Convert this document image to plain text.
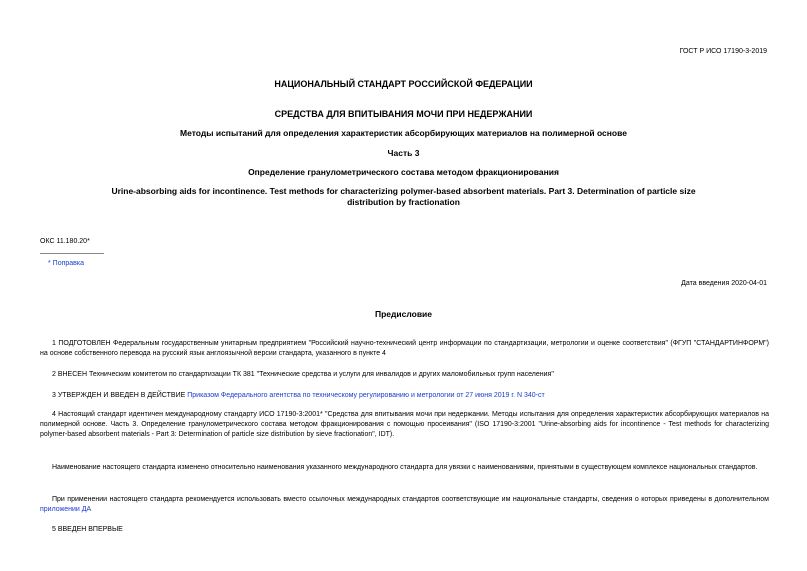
ГОСТ Р ИСО 17190-3-2019
НАЦИОНАЛЬНЫЙ СТАНДАРТ РОССИЙСКОЙ ФЕДЕРАЦИИ
СРЕДСТВА ДЛЯ ВПИТЫВАНИЯ МОЧИ ПРИ НЕДЕРЖАНИИ
Методы испытаний для определения характеристик абсорбирующих материалов на полимерной основе
Часть 3
Определение гранулометрического состава методом фракционирования
Urine-absorbing aids for incontinence. Test methods for characterizing polymer-based absorbent materials. Part 3. Determination of particle size distribution by fractionation
ОКС 11.180.20*
* Поправка
Дата введения 2020-04-01
Предисловие
1 ПОДГОТОВЛЕН Федеральным государственным унитарным предприятием "Российский научно-технический центр информации по стандартизации, метрологии и оценке соответствия" (ФГУП "СТАНДАРТИНФОРМ") на основе собственного перевода на русский язык англоязычной версии стандарта, указанного в пункте 4
2 ВНЕСЕН Техническим комитетом по стандартизации ТК 381 "Технические средства и услуги для инвалидов и других маломобильных групп населения"
3 УТВЕРЖДЕН И ВВЕДЕН В ДЕЙСТВИЕ Приказом Федерального агентства по техническому регулированию и метрологии от 27 июня 2019 г. N 340-ст
4 Настоящий стандарт идентичен международному стандарту ИСО 17190-3:2001* "Средства для впитывания мочи при недержании. Методы испытания для определения характеристик абсорбирующих материалов на полимерной основе. Часть 3. Определение гранулометрического состава методом фракционирования с помощью просеивания" (ISO 17190-3:2001 "Urine-absorbing aids for incontinence - Test methods for characterizing polymer-based absorbent materials - Part 3: Determination of particle size distribution by sieve fractionation", IDT).
Наименование настоящего стандарта изменено относительно наименования указанного международного стандарта для увязки с наименованиями, принятыми в существующем комплексе национальных стандартов.
При применении настоящего стандарта рекомендуется использовать вместо ссылочных международных стандартов соответствующие им национальные стандарты, сведения о которых приведены в дополнительном приложении ДА
5 ВВЕДЕН ВПЕРВЫЕ
